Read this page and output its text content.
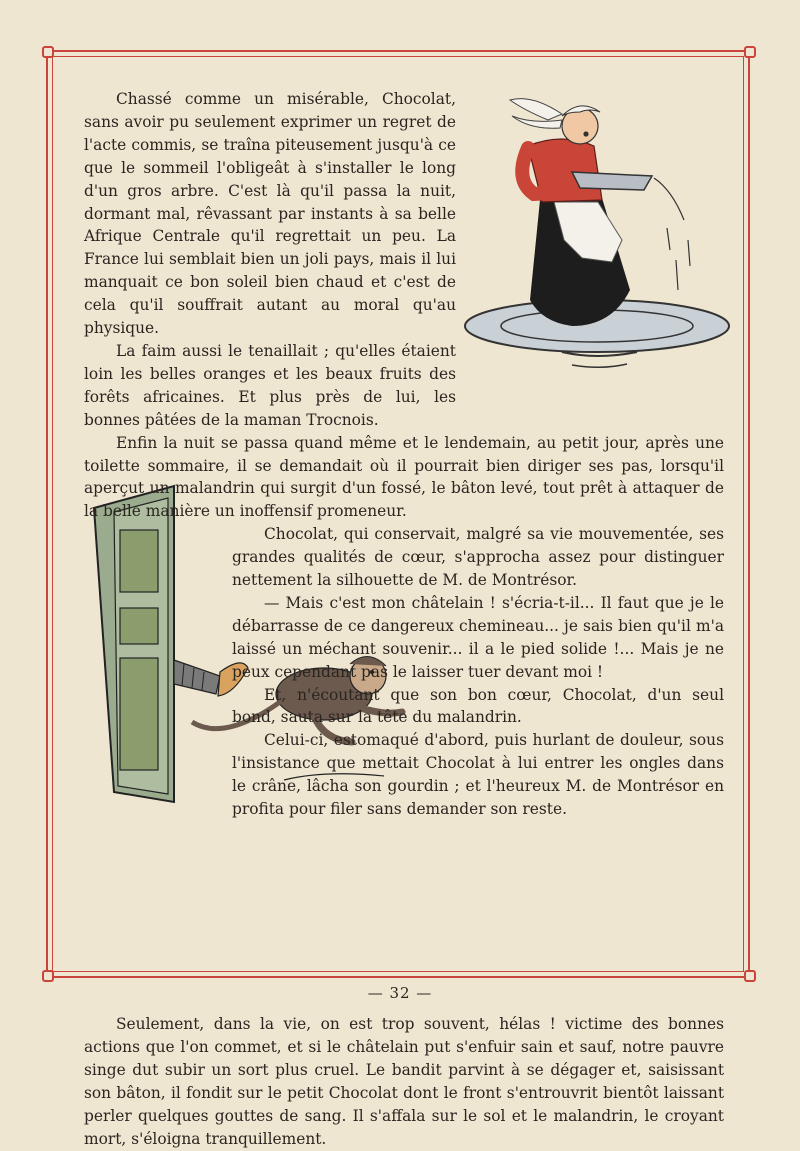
Chassé comme un misérable, Chocolat, sans avoir pu seulement exprimer un regret de l'acte commis, se traîna piteusement jusqu'à ce que le sommeil l'obligeât à s'installer le long d'un gros arbre. C'est là qu'il passa la nuit, dormant mal, rêvassant par instants à sa belle Afrique Centrale qu'il regrettait un peu. La France lui semblait bien un joli pays, mais il lui manquait ce bon soleil bien chaud et c'est de cela qu'il souffrait autant au moral qu'au physique.

La faim aussi le tenaillait ; qu'elles étaient loin les belles oranges et les beaux fruits des forêts africaines. Et plus près de lui, les bonnes pâtées de la maman Trocnois.

Enfin la nuit se passa quand même et le lendemain, au petit jour, après une toilette sommaire, il se demandait où il pourrait bien diriger ses pas, lorsqu'il aperçut un malandrin qui surgit d'un fossé, le bâton levé, tout prêt à attaquer de la belle manière un inoffensif promeneur.

Chocolat, qui conservait, malgré sa vie mouvementée, ses grandes qualités de cœur, s'approcha assez pour distinguer nettement la silhouette de M. de Montrésor.

— Mais c'est mon châtelain ! s'écria-t-il... Il faut que je le débarrasse de ce dangereux chemineau... je sais bien qu'il m'a laissé un méchant souvenir... il a le pied solide !... Mais je ne peux cependant pas le laisser tuer devant moi !

Et, n'écoutant que son bon cœur, Chocolat, d'un seul bond, sauta sur la tête du malandrin.

Celui-ci, estomaqué d'abord, puis hurlant de douleur, sous l'insistance que mettait Chocolat à lui entrer les ongles dans le crâne, lâcha son gourdin ; et l'heureux M. de Montrésor en profita pour filer sans demander son reste.

Seulement, dans la vie, on est trop souvent, hélas ! victime des bonnes actions que l'on commet, et si le châtelain put s'enfuir sain et sauf, notre pauvre singe dut subir un sort plus cruel. Le bandit parvint à se dégager et, saisissant son bâton, il fondit sur le petit Chocolat dont le front s'entrouvrit bientôt laissant perler quelques gouttes de sang. Il s'affala sur le sol et le malandrin, le croyant mort, s'éloigna tranquillement.

— 32 —
